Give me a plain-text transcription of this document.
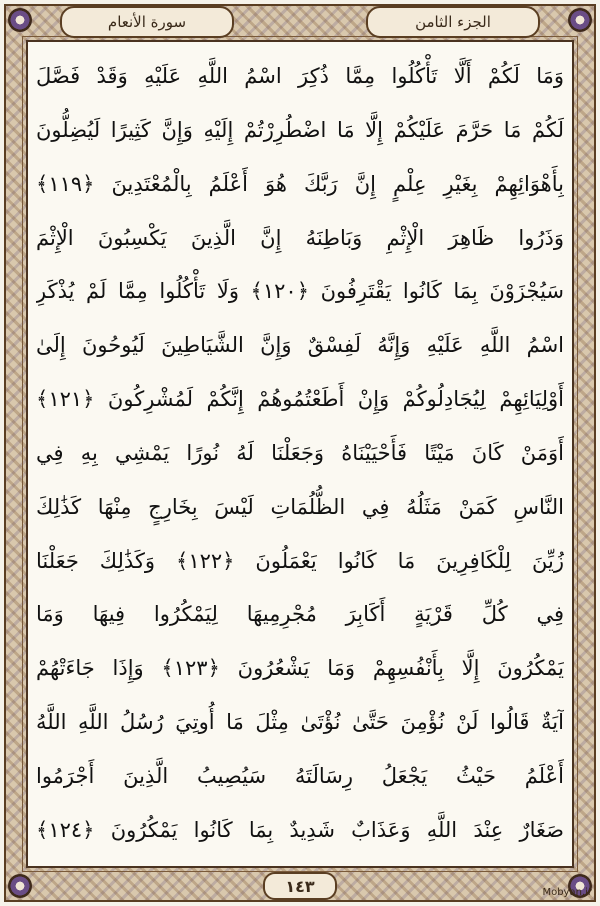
الجزء الثامن
سورة الأنعام
وَمَا لَكُمْ أَلَّا تَأْكُلُوا مِمَّا ذُكِرَ اسْمُ اللَّهِ عَلَيْهِ وَقَدْ فَصَّلَ
لَكُمْ مَا حَرَّمَ عَلَيْكُمْ إِلَّا مَا اضْطُرِرْتُمْ إِلَيْهِ وَإِنَّ كَثِيرًا لَيُضِلُّونَ
بِأَهْوَائِهِمْ بِغَيْرِ عِلْمٍ إِنَّ رَبَّكَ هُوَ أَعْلَمُ بِالْمُعْتَدِينَ ﴿١١٩﴾
وَذَرُوا ظَاهِرَ الْإِثْمِ وَبَاطِنَهُ إِنَّ الَّذِينَ يَكْسِبُونَ الْإِثْمَ
سَيُجْزَوْنَ بِمَا كَانُوا يَقْتَرِفُونَ ﴿١٢٠﴾ وَلَا تَأْكُلُوا مِمَّا لَمْ يُذْكَرِ
اسْمُ اللَّهِ عَلَيْهِ وَإِنَّهُ لَفِسْقٌ وَإِنَّ الشَّيَاطِينَ لَيُوحُونَ إِلَىٰ
أَوْلِيَائِهِمْ لِيُجَادِلُوكُمْ وَإِنْ أَطَعْتُمُوهُمْ إِنَّكُمْ لَمُشْرِكُونَ ﴿١٢١﴾
أَوَمَنْ كَانَ مَيْتًا فَأَحْيَيْنَاهُ وَجَعَلْنَا لَهُ نُورًا يَمْشِي بِهِ فِي
النَّاسِ كَمَنْ مَثَلُهُ فِي الظُّلُمَاتِ لَيْسَ بِخَارِجٍ مِنْهَا كَذَٰلِكَ
زُيِّنَ لِلْكَافِرِينَ مَا كَانُوا يَعْمَلُونَ ﴿١٢٢﴾ وَكَذَٰلِكَ جَعَلْنَا
فِي كُلِّ قَرْيَةٍ أَكَابِرَ مُجْرِمِيهَا لِيَمْكُرُوا فِيهَا وَمَا
يَمْكُرُونَ إِلَّا بِأَنْفُسِهِمْ وَمَا يَشْعُرُونَ ﴿١٢٣﴾ وَإِذَا جَاءَتْهُمْ
آيَةٌ قَالُوا لَنْ نُؤْمِنَ حَتَّىٰ نُؤْتَىٰ مِثْلَ مَا أُوتِيَ رُسُلُ اللَّهِ اللَّهُ
أَعْلَمُ حَيْثُ يَجْعَلُ رِسَالَتَهُ سَيُصِيبُ الَّذِينَ أَجْرَمُوا
صَغَارٌ عِنْدَ اللَّهِ وَعَذَابٌ شَدِيدٌ بِمَا كَانُوا يَمْكُرُونَ ﴿١٢٤﴾
١٤٣	Mobyan.ir
